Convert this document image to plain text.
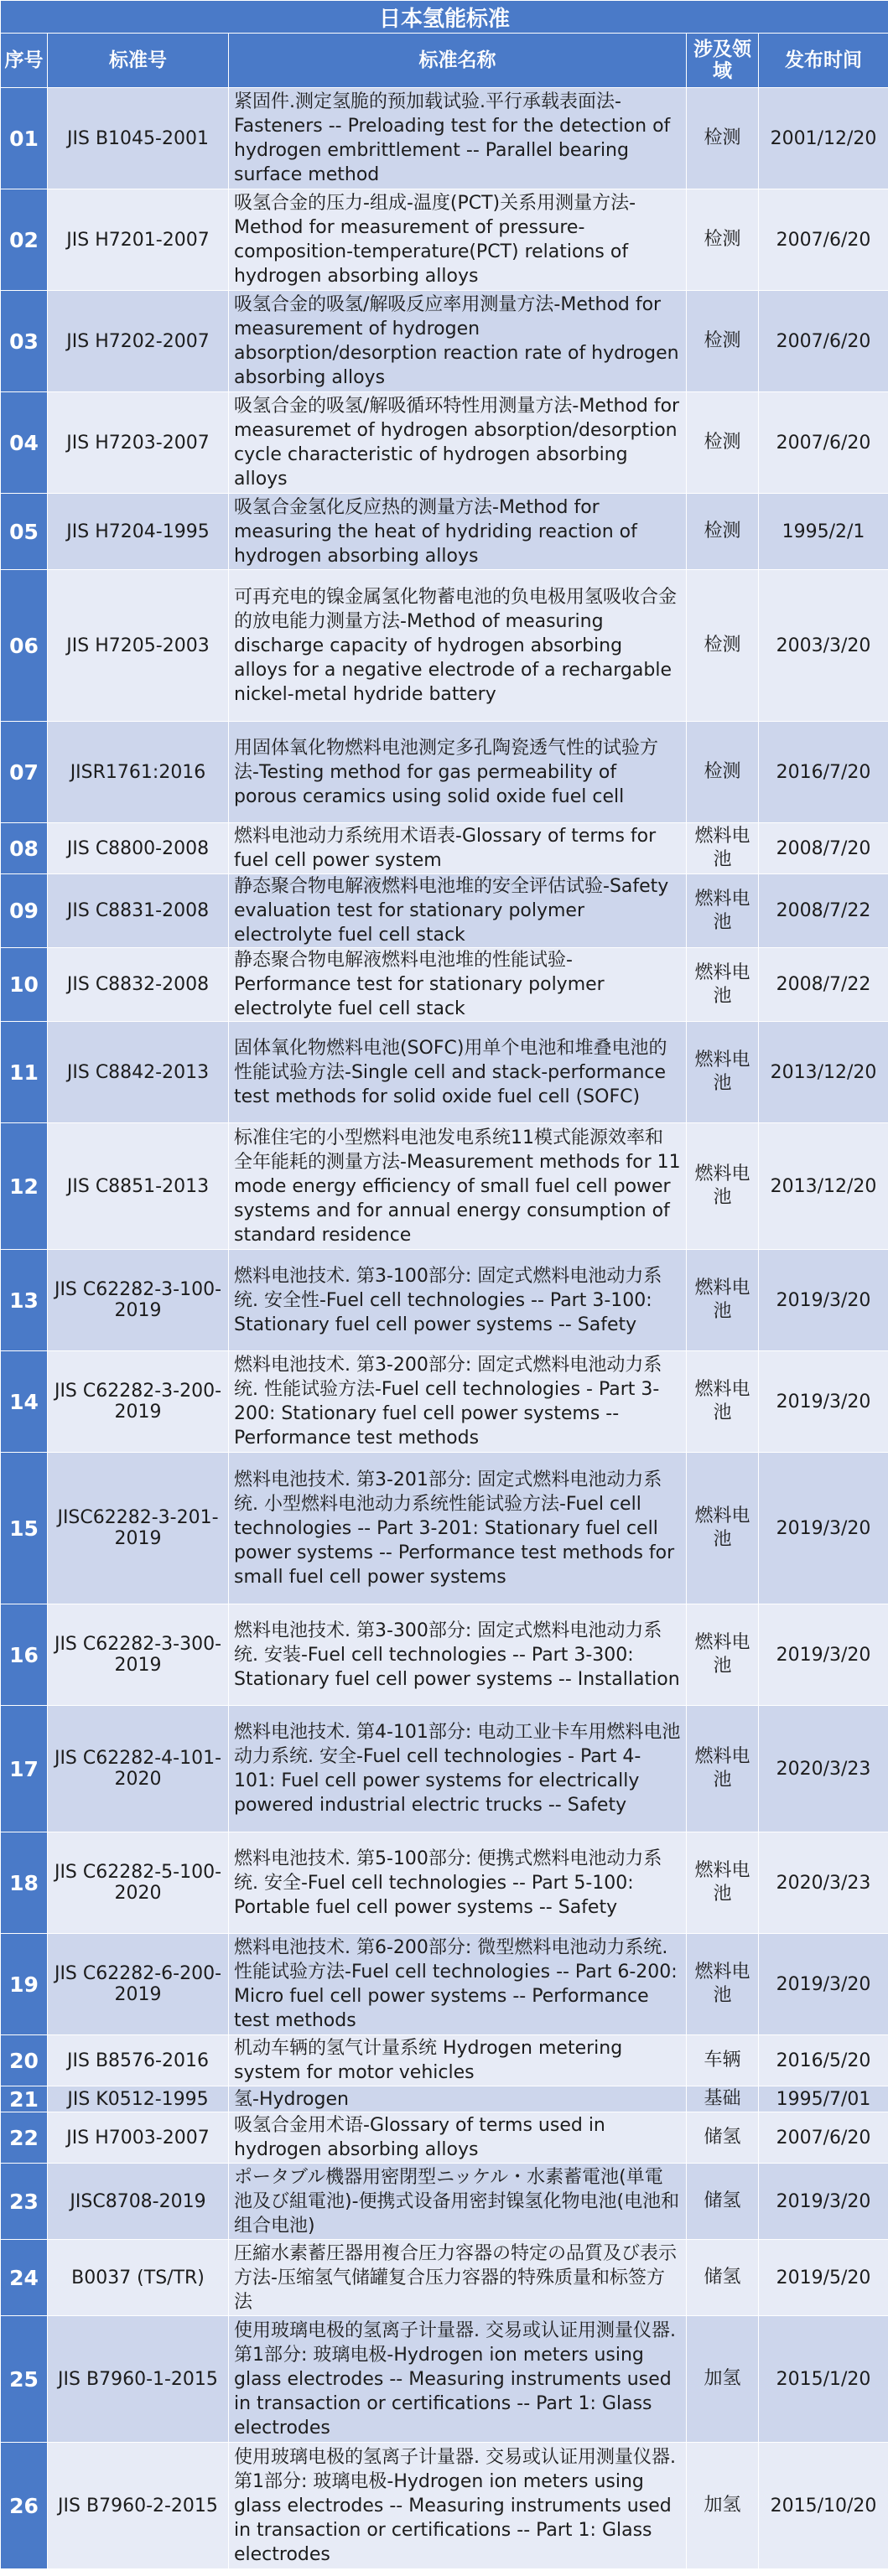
日本氢能标准				
序号	标准号	标准名称	涉及领域	发布时间
01	JIS B1045-2001	紧固件.测定氢脆的预加载试验.平行承载表面法-Fasteners -- Preloading test for the detection of hydrogen embrittlement -- Parallel bearing surface method	检测	2001/12/20
02	JIS H7201-2007	吸氢合金的压力-组成-温度(PCT)关系用测量方法-Method for measurement of pressure-composition-temperature(PCT) relations of hydrogen absorbing alloys	检测	2007/6/20
03	JIS H7202-2007	吸氢合金的吸氢/解吸反应率用测量方法-Method for measurement of hydrogen absorption/desorption reaction rate of hydrogen absorbing alloys	检测	2007/6/20
04	JIS H7203-2007	吸氢合金的吸氢/解吸循环特性用测量方法-Method for measuremet of hydrogen absorption/desorption cycle characteristic of hydrogen absorbing alloys	检测	2007/6/20
05	JIS H7204-1995	吸氢合金氢化反应热的测量方法-Method for measuring the heat of hydriding reaction of hydrogen absorbing alloys	检测	1995/2/1
06	JIS H7205-2003	可再充电的镍金属氢化物蓄电池的负电极用氢吸收合金的放电能力测量方法-Method of measuring discharge capacity of hydrogen absorbing alloys for a negative electrode of a rechargable nickel-metal hydride battery	检测	2003/3/20
07	JISR1761:2016	用固体氧化物燃料电池测定多孔陶瓷透气性的试验方法-Testing method for gas permeability of porous ceramics using solid oxide fuel cell	检测	2016/7/20
08	JIS C8800-2008	燃料电池动力系统用术语表-Glossary of terms for fuel cell power system	燃料电池	2008/7/20
09	JIS C8831-2008	静态聚合物电解液燃料电池堆的安全评估试验-Safety evaluation test for stationary polymer electrolyte fuel cell stack	燃料电池	2008/7/22
10	JIS C8832-2008	静态聚合物电解液燃料电池堆的性能试验-Performance test for stationary polymer electrolyte fuel cell stack	燃料电池	2008/7/22
11	JIS C8842-2013	固体氧化物燃料电池(SOFC)用单个电池和堆叠电池的性能试验方法-Single cell and stack-performance test methods for solid oxide fuel cell (SOFC)	燃料电池	2013/12/20
12	JIS C8851-2013	标准住宅的小型燃料电池发电系统11模式能源效率和全年能耗的测量方法-Measurement methods for 11 mode energy efficiency of small fuel cell power systems and for annual energy consumption of standard residence	燃料电池	2013/12/20
13	JIS C62282-3-100-2019	燃料电池技术. 第3-100部分: 固定式燃料电池动力系统. 安全性-Fuel cell technologies -- Part 3-100: Stationary fuel cell power systems -- Safety	燃料电池	2019/3/20
14	JIS C62282-3-200-2019	燃料电池技术. 第3-200部分: 固定式燃料电池动力系统. 性能试验方法-Fuel cell technologies - Part 3-200: Stationary fuel cell power systems -- Performance test methods	燃料电池	2019/3/20
15	JISC62282-3-201-2019	燃料电池技术. 第3-201部分: 固定式燃料电池动力系统. 小型燃料电池动力系统性能试验方法-Fuel cell technologies -- Part 3-201: Stationary fuel cell power systems -- Performance test methods for small fuel cell power systems	燃料电池	2019/3/20
16	JIS C62282-3-300-2019	燃料电池技术. 第3-300部分: 固定式燃料电池动力系统. 安装-Fuel cell technologies -- Part 3-300: Stationary fuel cell power systems -- Installation	燃料电池	2019/3/20
17	JIS C62282-4-101-2020	燃料电池技术. 第4-101部分: 电动工业卡车用燃料电池动力系统. 安全-Fuel cell technologies - Part 4-101: Fuel cell power systems for electrically powered industrial electric trucks -- Safety	燃料电池	2020/3/23
18	JIS C62282-5-100-2020	燃料电池技术. 第5-100部分: 便携式燃料电池动力系统. 安全-Fuel cell technologies -- Part 5-100: Portable fuel cell power systems -- Safety	燃料电池	2020/3/23
19	JIS C62282-6-200-2019	燃料电池技术. 第6-200部分: 微型燃料电池动力系统. 性能试验方法-Fuel cell technologies -- Part 6-200: Micro fuel cell power systems -- Performance test methods	燃料电池	2019/3/20
20	JIS B8576-2016	机动车辆的氢气计量系统 Hydrogen metering system for motor vehicles	车辆	2016/5/20
21	JIS K0512-1995	氢-Hydrogen	基础	1995/7/01
22	JIS H7003-2007	吸氢合金用术语-Glossary of terms used in hydrogen absorbing alloys	储氢	2007/6/20
23	JISC8708-2019	ポータブル機器用密閉型ニッケル・水素蓄電池(単電池及び組電池)-便携式设备用密封镍氢化物电池(电池和组合电池)	储氢	2019/3/20
24	B0037 (TS/TR)	圧縮水素蓄圧器用複合圧力容器の特定の品質及び表示方法-压缩氢气储罐复合压力容器的特殊质量和标签方法	储氢	2019/5/20
25	JIS B7960-1-2015	使用玻璃电极的氢离子计量器. 交易或认证用测量仪器. 第1部分: 玻璃电极-Hydrogen ion meters using glass electrodes -- Measuring instruments used in transaction or certifications -- Part 1: Glass electrodes	加氢	2015/1/20
26	JIS B7960-2-2015	使用玻璃电极的氢离子计量器. 交易或认证用测量仪器. 第1部分: 玻璃电极-Hydrogen ion meters using glass electrodes -- Measuring instruments used in transaction or certifications -- Part 1: Glass electrodes	加氢	2015/10/20
